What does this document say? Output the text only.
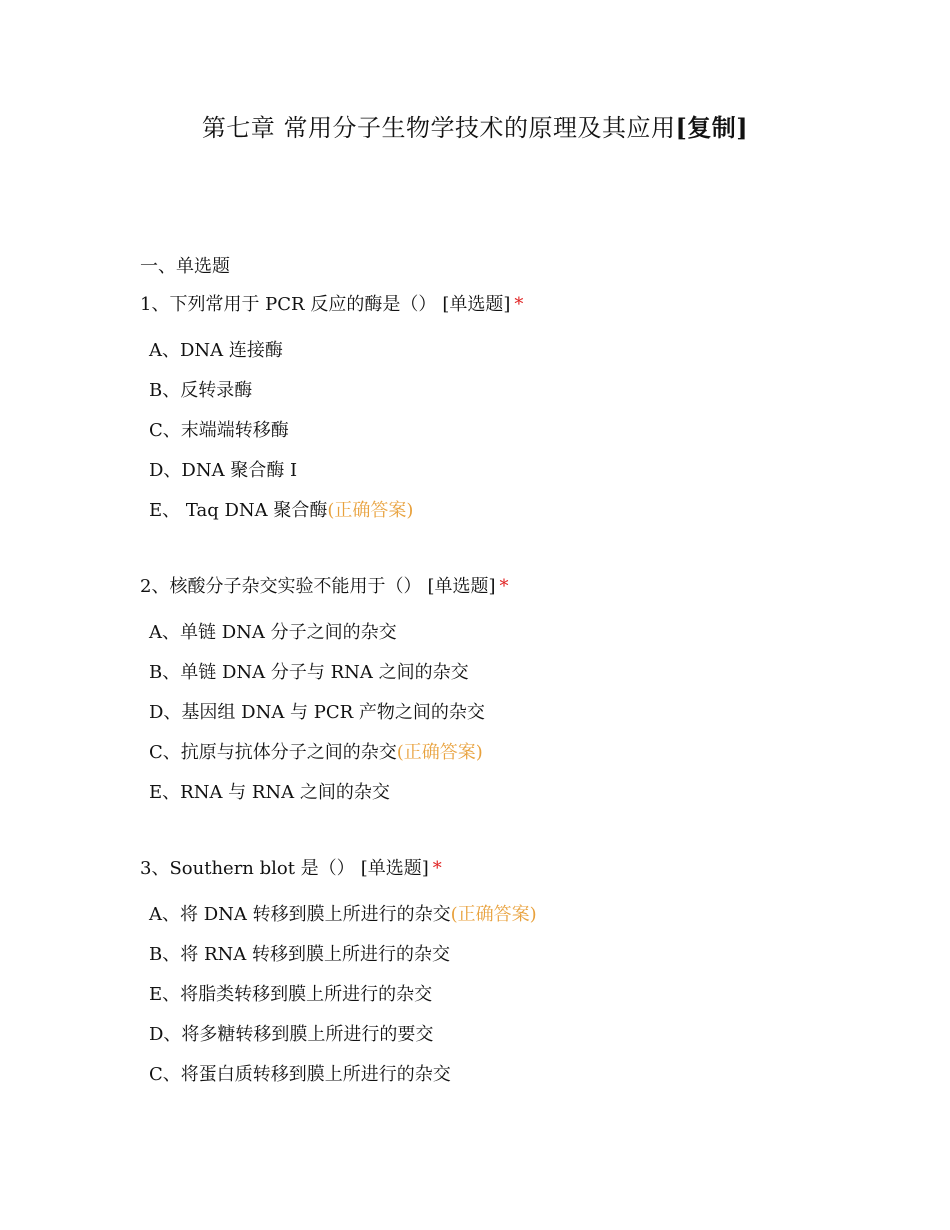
第七章 常用分子生物学技术的原理及其应用[复制]
一、单选题
1、下列常用于 PCR 反应的酶是（） [单选题] *
A、DNA 连接酶
B、反转录酶
C、末端端转移酶
D、DNA 聚合酶 I
E、 Taq DNA 聚合酶(正确答案)
2、核酸分子杂交实验不能用于（） [单选题] *
A、单链 DNA 分子之间的杂交
B、单链 DNA 分子与 RNA 之间的杂交
D、基因组 DNA 与 PCR 产物之间的杂交
C、抗原与抗体分子之间的杂交(正确答案)
E、RNA 与 RNA 之间的杂交
3、Southern blot 是（） [单选题] *
A、将 DNA 转移到膜上所进行的杂交(正确答案)
B、将 RNA 转移到膜上所进行的杂交
E、将脂类转移到膜上所进行的杂交
D、将多糖转移到膜上所进行的要交
C、将蛋白质转移到膜上所进行的杂交
